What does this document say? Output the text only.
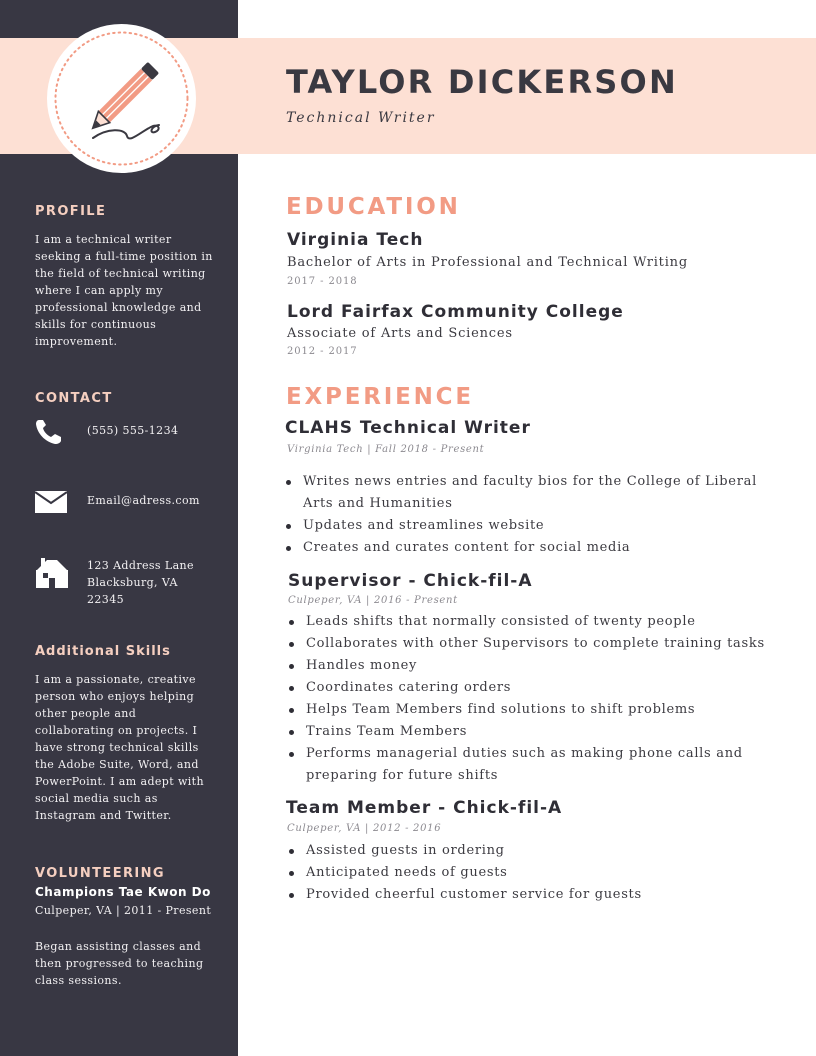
PROFILE
I am a technical writer seeking a full-time position in the field of technical writing where I can apply my professional knowledge and skills for continuous improvement.
CONTACT
(555) 555-1234
Email@adress.com
123 Address Lane
Blacksburg, VA
22345
Additional Skills
I am a passionate, creative person who enjoys helping other people and collaborating on projects. I have strong technical skills the Adobe Suite, Word, and PowerPoint. I am adept with social media such as Instagram and Twitter.
VOLUNTEERING
Champions Tae Kwon Do
Culpeper, VA | 2011 - Present
Began assisting classes and then progressed to teaching class sessions.
TAYLOR DICKERSON
Technical Writer
EDUCATION
Virginia Tech
Bachelor of Arts in Professional and Technical Writing
2017 - 2018
Lord Fairfax Community College
Associate of Arts and Sciences
2012 - 2017
EXPERIENCE
CLAHS Technical Writer
Virginia Tech | Fall 2018 - Present
Writes news entries and faculty bios for the College of Liberal Arts and Humanities
Updates and streamlines website
Creates and curates content for social media
Supervisor - Chick-fil-A
Culpeper, VA | 2016 - Present
Leads shifts that normally consisted of twenty people
Collaborates with other Supervisors to complete training tasks
Handles money
Coordinates catering orders
Helps Team Members find solutions to shift problems
Trains Team Members
Performs managerial duties such as making phone calls and preparing for future shifts
Team Member - Chick-fil-A
Culpeper, VA | 2012 - 2016
Assisted guests in ordering
Anticipated needs of guests
Provided cheerful customer service for guests
